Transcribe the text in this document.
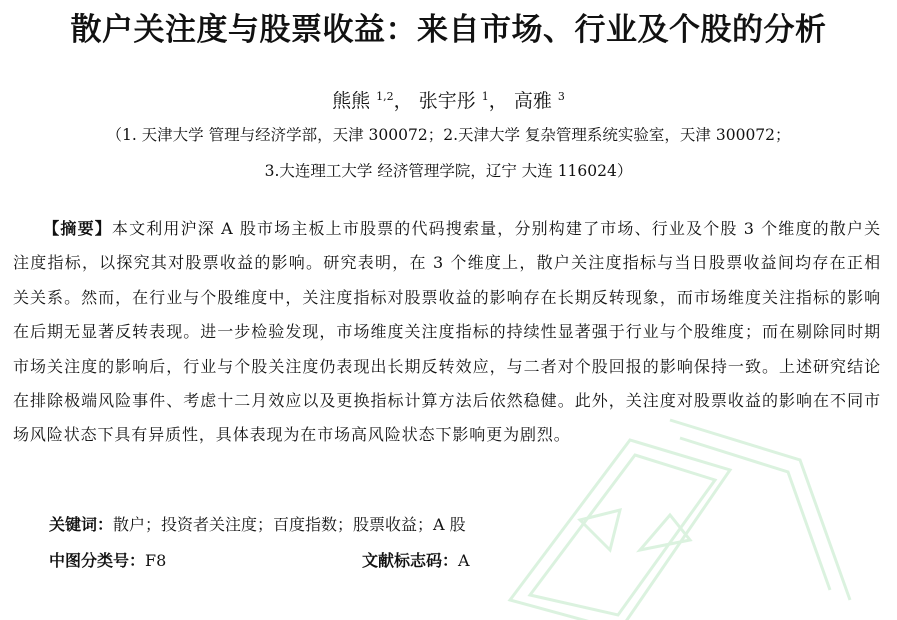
散户关注度与股票收益：来自市场、行业及个股的分析
熊熊 $^{1,2}$， 张宇彤 $^1$， 高雅 $^3$
（1. 天津大学 管理与经济学部，天津 300072；2.天津大学 复杂管理系统实验室，天津 300072；
3.大连理工大学 经济管理学院，辽宁 大连 116024）
【摘要】本文利用沪深 A 股市场主板上市股票的代码搜索量，分别构建了市场、行业及个股 3 个维度的散户关注度指标，以探究其对股票收益的影响。研究表明，在 3 个维度上，散户关注度指标与当日股票收益间均存在正相关关系。然而，在行业与个股维度中，关注度指标对股票收益的影响存在长期反转现象，而市场维度关注指标的影响在后期无显著反转表现。进一步检验发现，市场维度关注度指标的持续性显著强于行业与个股维度；而在剔除同时期市场关注度的影响后，行业与个股关注度仍表现出长期反转效应，与二者对个股回报的影响保持一致。上述研究结论在排除极端风险事件、考虑十二月效应以及更换指标计算方法后依然稳健。此外，关注度对股票收益的影响在不同市场风险状态下具有异质性，具体表现为在市场高风险状态下影响更为剧烈。
关键词：散户；投资者关注度；百度指数；股票收益；A 股
中图分类号：F8	文献标志码：A
